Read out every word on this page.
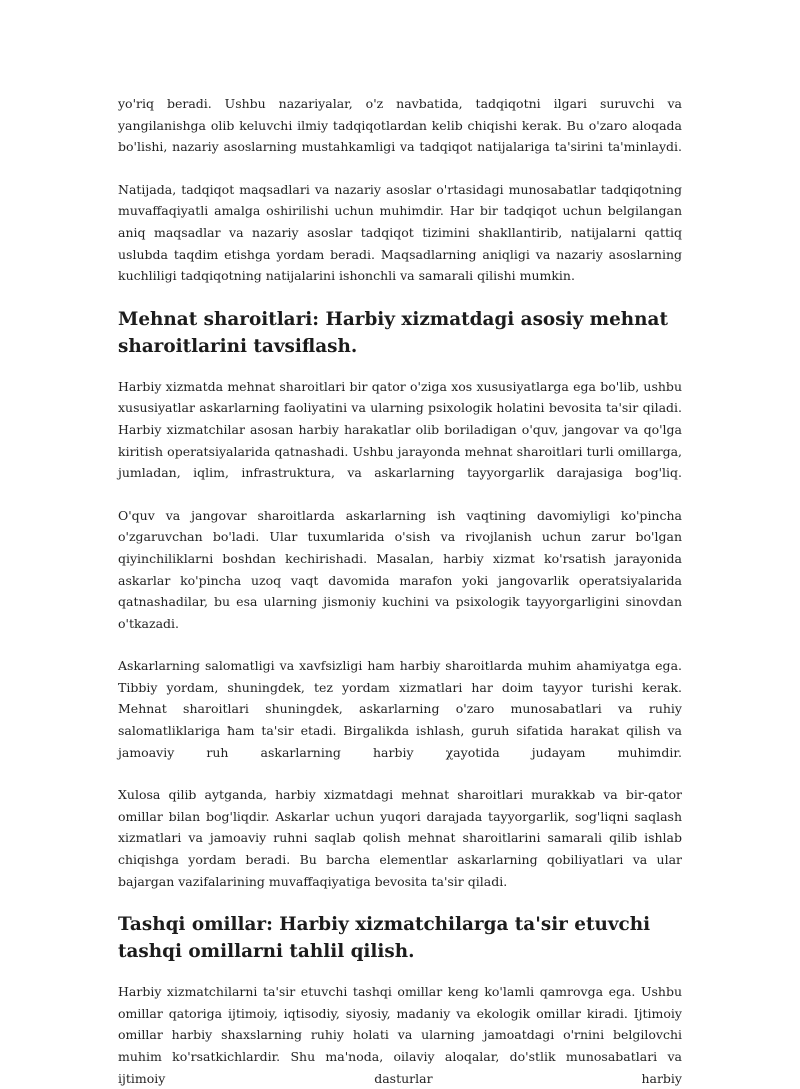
yo'riq beradi. Ushbu nazariyalar, o'z navbatida, tadqiqotni ilgari suruvchi va yangilanishga olib keluvchi ilmiy tadqiqotlardan kelib chiqishi kerak. Bu o'zaro aloqada bo'lishi, nazariy asoslarning mustahkamligi va tadqiqot natijalariga ta'sirini ta'minlaydi.

Natijada, tadqiqot maqsadlari va nazariy asoslar o'rtasidagi munosabatlar tadqiqotning muvaffaqiyatli amalga oshirilishi uchun muhimdir. Har bir tadqiqot uchun belgilangan aniq maqsadlar va nazariy asoslar tadqiqot tizimini shakllantirib, natijalarni qattiq uslubda taqdim etishga yordam beradi. Maqsadlarning aniqligi va nazariy asoslarning kuchliligi tadqiqotning natijalarini ishonchli va samarali qilishi mumkin.

Mehnat sharoitlari: Harbiy xizmatdagi asosiy mehnat sharoitlarini tavsiflash.

Harbiy xizmatda mehnat sharoitlari bir qator o'ziga xos xususiyatlarga ega bo'lib, ushbu xususiyatlar askarlarning faoliyatini va ularning psixologik holatini bevosita ta'sir qiladi. Harbiy xizmatchilar asosan harbiy harakatlar olib boriladigan o'quv, jangovar va qo'lga kiritish operatsiyalarida qatnashadi. Ushbu jarayonda mehnat sharoitlari turli omillarga, jumladan, iqlim, infrastruktura, va askarlarning tayyorgarlik darajasiga bog'liq.

O'quv va jangovar sharoitlarda askarlarning ish vaqtining davomiyligi ko'pincha o'zgaruvchan bo'ladi. Ular tuxumlarida o'sish va rivojlanish uchun zarur bo'lgan qiyinchiliklarni boshdan kechirishadi. Masalan, harbiy xizmat ko'rsatish jarayonida askarlar ko'pincha uzoq vaqt davomida marafon yoki jangovarlik operatsiyalarida qatnashadilar, bu esa ularning jismoniy kuchini va psixologik tayyorgarligini sinovdan o'tkazadi.

Askarlarning salomatligi va xavfsizligi ham harbiy sharoitlarda muhim ahamiyatga ega. Tibbiy yordam, shuningdek, tez yordam xizmatlari har doim tayyor turishi kerak. Mehnat sharoitlari shuningdek, askarlarning o'zaro munosabatlari va ruhiy salomatliklariga ħam ta'sir etadi. Birgalikda ishlash, guruh sifatida harakat qilish va jamoaviy ruh askarlarning harbiy χayotida judayam muhimdir.

Xulosa qilib aytganda, harbiy xizmatdagi mehnat sharoitlari murakkab va bir-qator omillar bilan bog'liqdir. Askarlar uchun yuqori darajada tayyorgarlik, sog'liqni saqlash xizmatlari va jamoaviy ruhni saqlab qolish mehnat sharoitlarini samarali qilib ishlab chiqishga yordam beradi. Bu barcha elementlar askarlarning qobiliyatlari va ular bajargan vazifalarining muvaffaqiyatiga bevosita ta'sir qiladi.

Tashqi omillar: Harbiy xizmatchilarga ta'sir etuvchi tashqi omillarni tahlil qilish.

Harbiy xizmatchilarni ta'sir etuvchi tashqi omillar keng ko'lamli qamrovga ega. Ushbu omillar qatoriga ijtimoiy, iqtisodiy, siyosiy, madaniy va ekologik omillar kiradi. Ijtimoiy omillar harbiy shaxslarning ruhiy holati va ularning jamoatdagi o'rnini belgilovchi muhim ko'rsatkichlardir. Shu ma'noda, oilaviy aloqalar, do'stlik munosabatlari va ijtimoiy dasturlar harbiy
